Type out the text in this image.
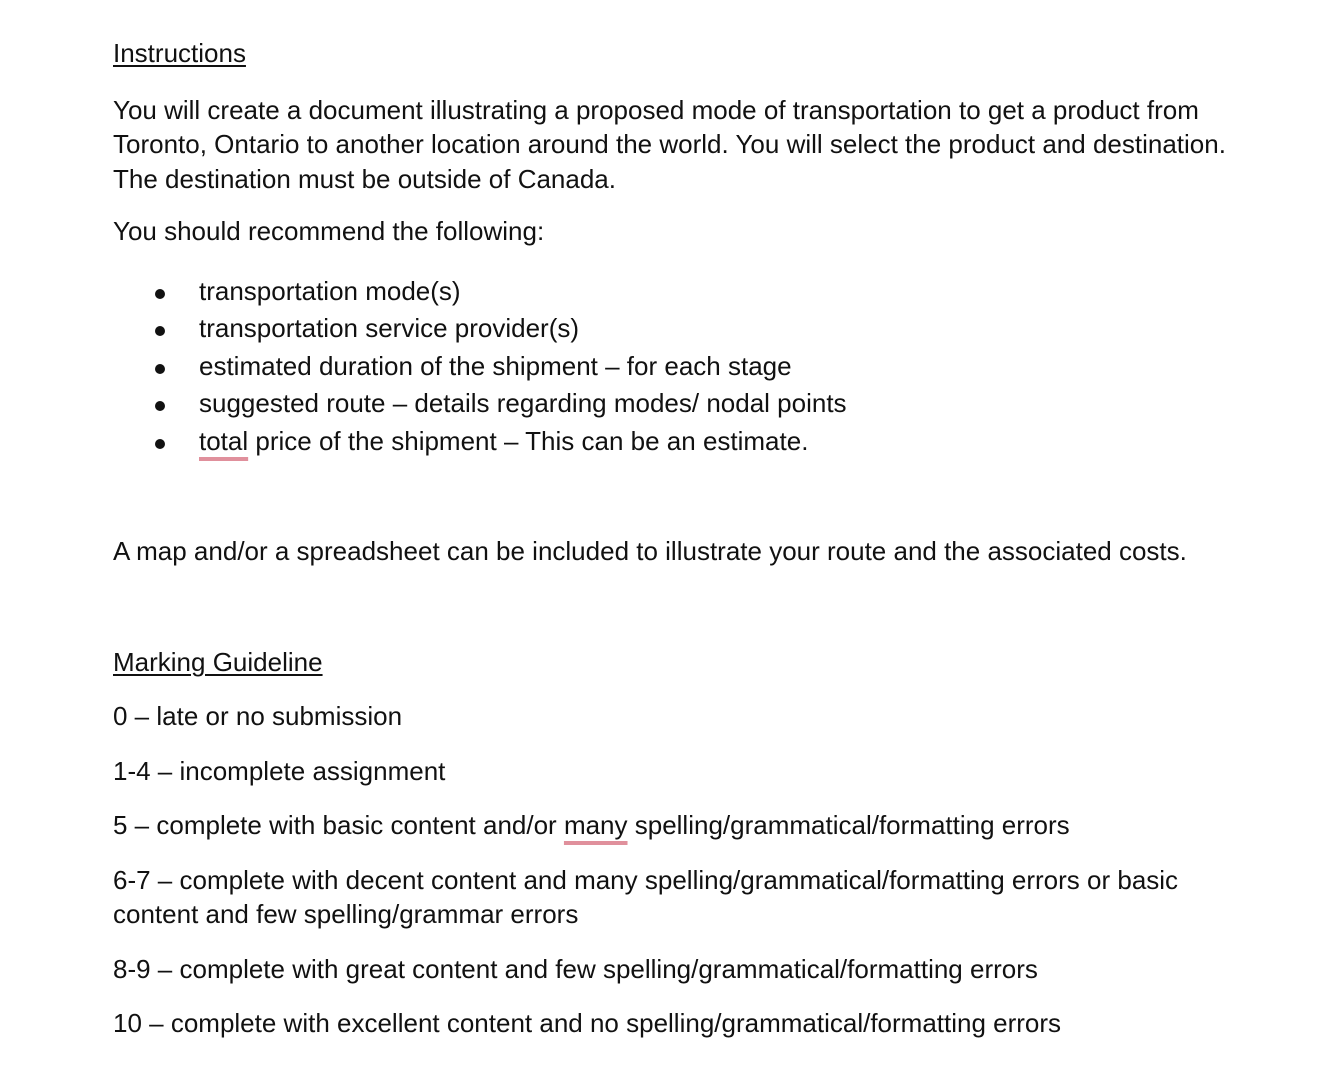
Instructions

You will create a document illustrating a proposed mode of transportation to get a product from Toronto, Ontario to another location around the world. You will select the product and destination. The destination must be outside of Canada.

You should recommend the following:

transportation mode(s)
transportation service provider(s)
estimated duration of the shipment – for each stage
suggested route – details regarding modes/ nodal points
total price of the shipment – This can be an estimate.

A map and/or a spreadsheet can be included to illustrate your route and the associated costs.

Marking Guideline

0 – late or no submission

1-4 – incomplete assignment

5 – complete with basic content and/or many spelling/grammatical/formatting errors

6-7 – complete with decent content and many spelling/grammatical/formatting errors or basic content and few spelling/grammar errors

8-9 – complete with great content and few spelling/grammatical/formatting errors

10 – complete with excellent content and no spelling/grammatical/formatting errors
